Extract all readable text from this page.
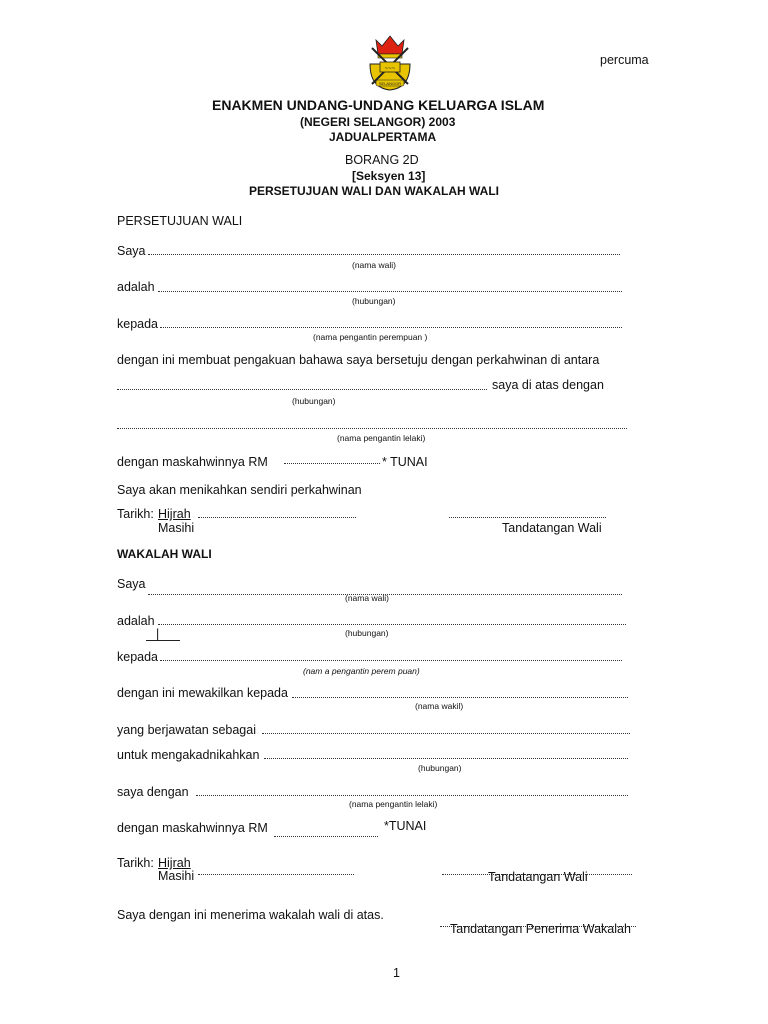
~~~
SELANGOR
percuma
ENAKMEN UNDANG-UNDANG KELUARGA ISLAM
(NEGERI SELANGOR) 2003
JADUALPERTAMA
BORANG 2D
[Seksyen 13]
PERSETUJUAN WALI DAN WAKALAH WALI
PERSETUJUAN WALI
Saya
(nama wali)
adalah
(hubungan)
kepada
(nama pengantin perempuan )
dengan ini membuat pengakuan bahawa saya bersetuju dengan perkahwinan di antara
saya di atas dengan
(hubungan)
(nama pengantin lelaki)
dengan maskahwinnya RM	* TUNAI
Saya akan menikahkan sendiri perkahwinan
Tarikh: Hijrah
Masihi	Tandatangan Wali
WAKALAH WALI
Saya
(nama wali)
adalah
(hubungan)
|
kepada
(nam a pengantin perem puan)
dengan ini mewakilkan kepada
(nama wakil)
yang berjawatan sebagai
untuk mengakadnikahkan
(hubungan)
saya dengan
(nama pengantin lelaki)
dengan maskahwinnya RM	*TUNAI
Tarikh: Hijrah
Masihi	Tandatangan Wali
Saya dengan ini menerima wakalah wali di atas.
Tandatangan Penerima Wakalah
1
